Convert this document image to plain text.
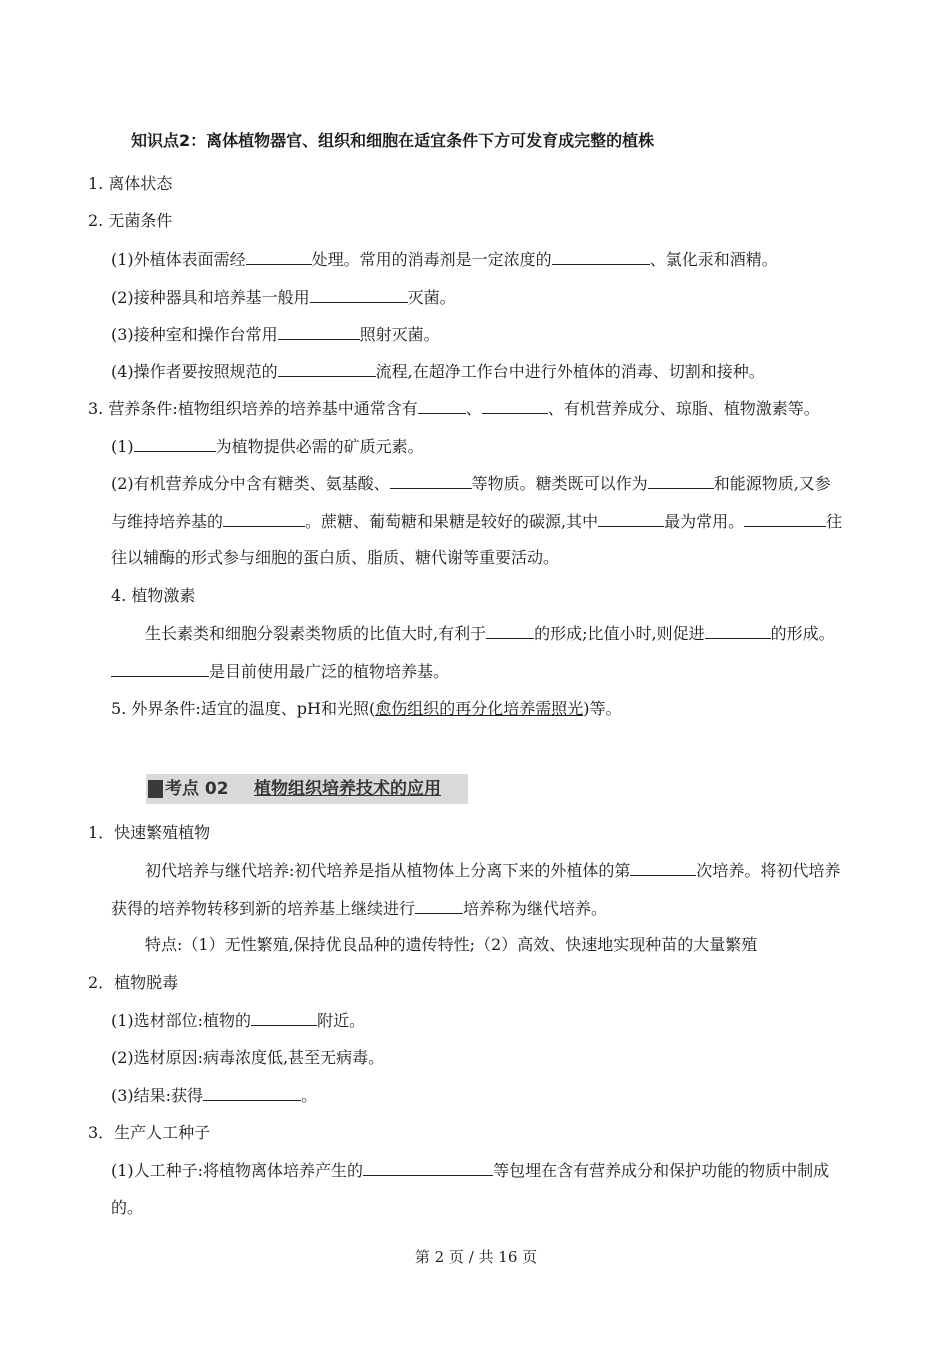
知识点2：离体植物器官、组织和细胞在适宜条件下方可发育成完整的植株
1. 离体状态
2. 无菌条件
(1)外植体表面需经	处理。常用的消毒剂是一定浓度的	、氯化汞和酒精。
(2)接种器具和培养基一般用	灭菌。
(3)接种室和操作台常用	照射灭菌。
(4)操作者要按照规范的	流程,在超净工作台中进行外植体的消毒、切割和接种。
3. 营养条件:植物组织培养的培养基中通常含有	、	、有机营养成分、琼脂、植物激素等。
(1)	为植物提供必需的矿质元素。
(2)有机营养成分中含有糖类、氨基酸、	等物质。糖类既可以作为	和能源物质,又参
与维持培养基的	。蔗糖、葡萄糖和果糖是较好的碳源,其中	最为常用。	往
往以辅酶的形式参与细胞的蛋白质、脂质、糖代谢等重要活动。
4. 植物激素
生长素类和细胞分裂素类物质的比值大时,有利于	的形成;比值小时,则促进	的形成。
是目前使用最广泛的植物培养基。
5. 外界条件:适宜的温度、pH和光照(愈伤组织的再分化培养需照光)等。
考点 02 植物组织培养技术的应用
1．快速繁殖植物
初代培养与继代培养:初代培养是指从植物体上分离下来的外植体的第	次培养。将初代培养
获得的培养物转移到新的培养基上继续进行	培养称为继代培养。
特点:（1）无性繁殖,保持优良品种的遗传特性;（2）高效、快速地实现种苗的大量繁殖
2．植物脱毒
(1)选材部位:植物的	附近。
(2)选材原因:病毒浓度低,甚至无病毒。
(3)结果:获得	。
3．生产人工种子
(1)人工种子:将植物离体培养产生的	等包埋在含有营养成分和保护功能的物质中制成
的。
第 2 页 / 共 16 页
